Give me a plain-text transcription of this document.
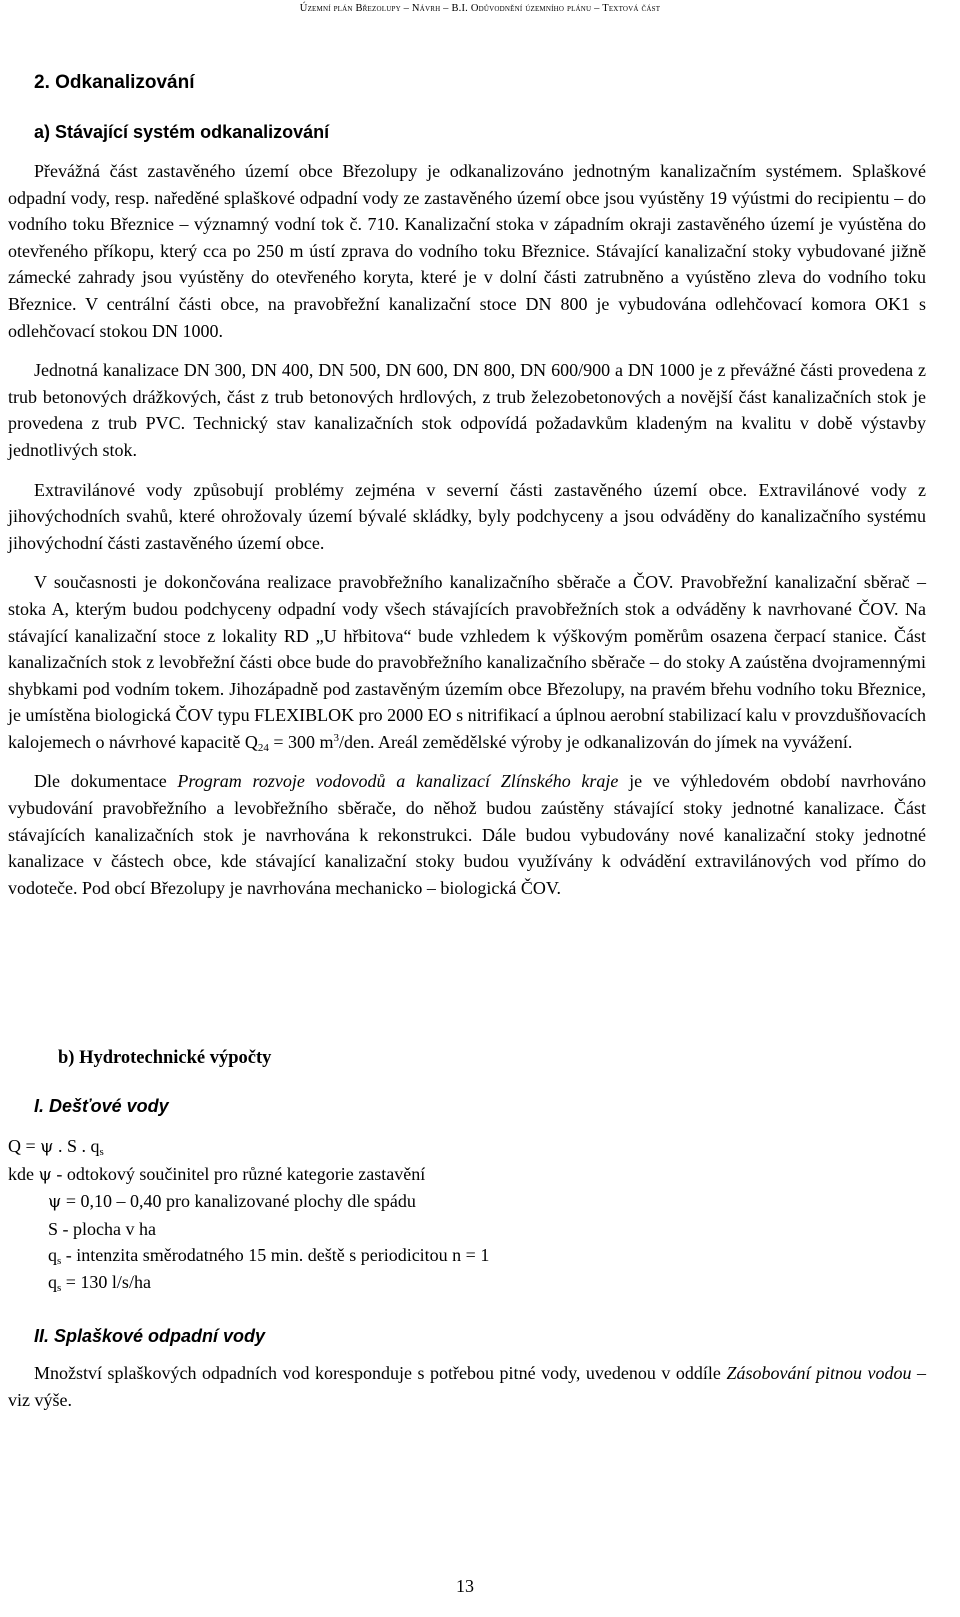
Územní plán Březolupy – Návrh – B.I. Odůvodnění územního plánu – Textová část
2. Odkanalizování
a) Stávající systém odkanalizování

Převážná část zastavěného území obce Březolupy je odkanalizováno jednotným kanalizačním systémem. Splaškové odpadní vody, resp. naředěné splaškové odpadní vody ze zastavěného území obce jsou vyústěny 19 výústmi do recipientu – do vodního toku Březnice – významný vodní tok č. 710. Kanalizační stoka v západním okraji zastavěného území je vyústěna do otevřeného příkopu, který cca po 250 m ústí zprava do vodního toku Březnice. Stávající kanalizační stoky vybudované jižně zámecké zahrady jsou vyústěny do otevřeného koryta, které je v dolní části zatrubněno a vyústěno zleva do vodního toku Březnice. V centrální části obce, na pravobřežní kanalizační stoce DN 800 je vybudována odlehčovací komora OK1 s odlehčovací stokou DN 1000.

Jednotná kanalizace DN 300, DN 400, DN 500, DN 600, DN 800, DN 600/900 a DN 1000 je z převážné části provedena z trub betonových drážkových, část z trub betonových hrdlových, z trub železobetonových a novější část kanalizačních stok je provedena z trub PVC. Technický stav kanalizačních stok odpovídá požadavkům kladeným na kvalitu v době výstavby jednotlivých stok.

Extravilánové vody způsobují problémy zejména v severní části zastavěného území obce. Extravilánové vody z jihovýchodních svahů, které ohrožovaly území bývalé skládky, byly podchyceny a jsou odváděny do kanalizačního systému jihovýchodní části zastavěného území obce.

V současnosti je dokončována realizace pravobřežního kanalizačního sběrače a ČOV. Pravobřežní kanalizační sběrač – stoka A, kterým budou podchyceny odpadní vody všech stávajících pravobřežních stok a odváděny k navrhované ČOV. Na stávající kanalizační stoce z lokality RD „U hřbitova“ bude vzhledem k výškovým poměrům osazena čerpací stanice. Část kanalizačních stok z levobřežní části obce bude do pravobřežního kanalizačního sběrače – do stoky A zaústěna dvojramennými shybkami pod vodním tokem. Jihozápadně pod zastavěným územím obce Březolupy, na pravém břehu vodního toku Březnice, je umístěna biologická ČOV typu FLEXIBLOK pro 2000 EO s nitrifikací a úplnou aerobní stabilizací kalu v provzdušňovacích kalojemech o návrhové kapacitě $Q_{24} = 300$ $m^3$/den. Areál zemědělské výroby je odkanalizován do jímek na vyvážení.

Dle dokumentace Program rozvoje vodovodů a kanalizací Zlínského kraje je ve výhledovém období navrhováno vybudování pravobřežního a levobřežního sběrače, do něhož budou zaústěny stávající stoky jednotné kanalizace. Část stávajících kanalizačních stok je navrhována k rekonstrukci. Dále budou vybudovány nové kanalizační stoky jednotné kanalizace v částech obce, kde stávající kanalizační stoky budou využívány k odvádění extravilánových vod přímo do vodoteče. Pod obcí Březolupy je navrhována mechanicko – biologická ČOV.

b) Hydrotechnické výpočty
I. Dešťové vody
Q = ψ . S . $q_s$
kde ψ - odtokový součinitel pro různé kategorie zastavění
ψ = 0,10 – 0,40 pro kanalizované plochy dle spádu
S - plocha v ha
$q_s$ - intenzita směrodatného 15 min. deště s periodicitou n = 1
$q_s = 130$ l/s/ha
II. Splaškové odpadní vody

Množství splaškových odpadních vod koresponduje s potřebou pitné vody, uvedenou v oddíle Zásobování pitnou vodou –viz výše.

13
